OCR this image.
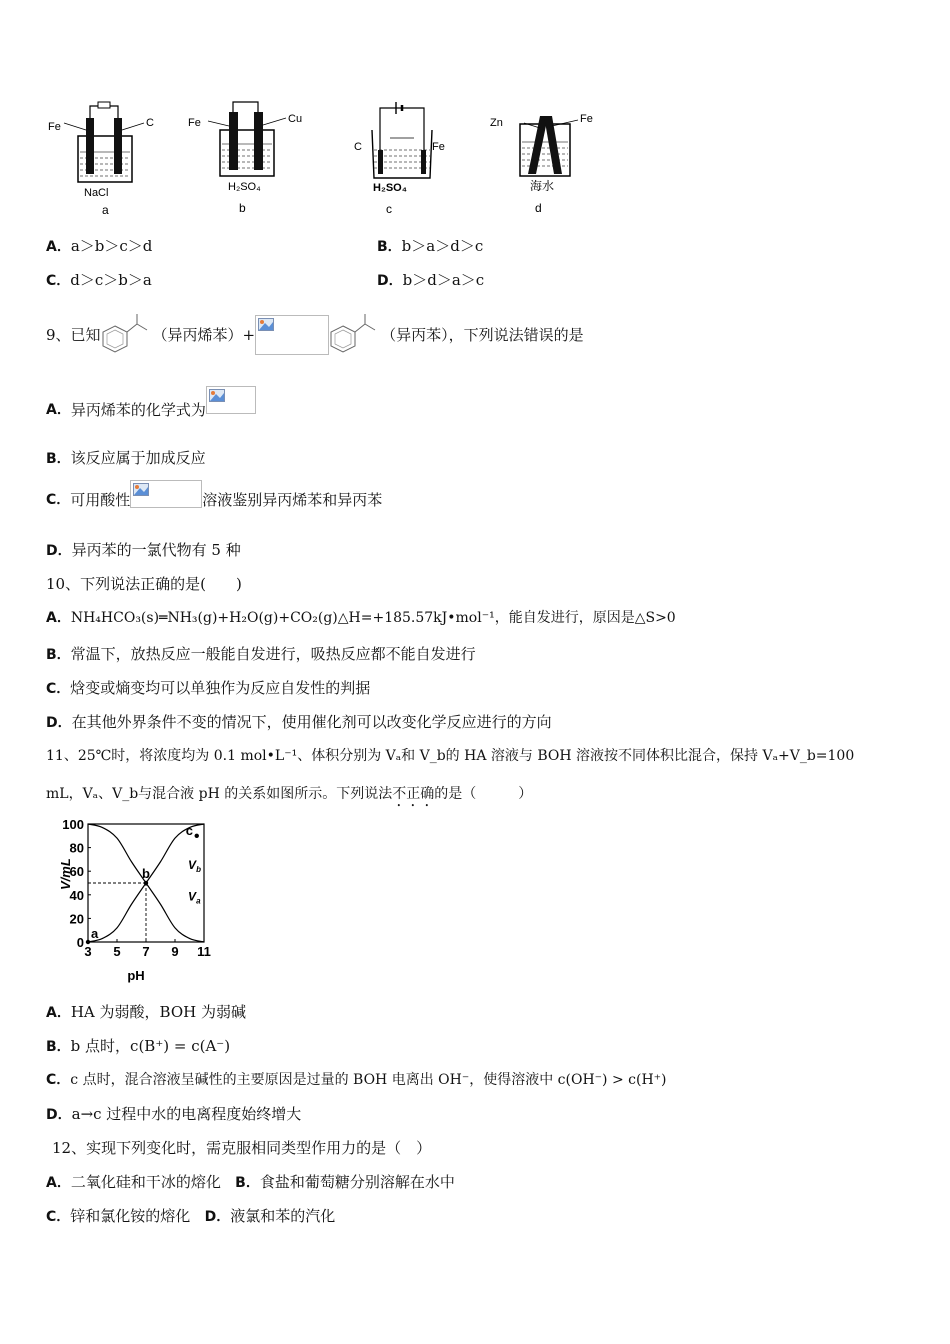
Fe	C
NaCl
a
Fe	Cu
H₂SO₄
b
C	Fe
H₂SO₄
c
Zn	Fe
海水
d
A．a＞b＞c＞d	B．b＞a＞d＞c
C．d＞c＞b＞a	D．b＞d＞a＞c
9、已知	（异丙烯苯）+	（异丙苯），下列说法错误的是
A． 异丙烯苯的化学式为
B．该反应属于加成反应
C． 可用酸性	溶液鉴别异丙烯苯和异丙苯
D．异丙苯的一氯代物有 5 种
10、下列说法正确的是(　　)
A．NH₄HCO₃(s)═NH₃(g)+H₂O(g)+CO₂(g)△H=+185.57kJ•mol⁻¹，能自发进行，原因是△S>0
B．常温下，放热反应一般能自发进行，吸热反应都不能自发进行
C．焓变或熵变均可以单独作为反应自发性的判据
D．在其他外界条件不变的情况下，使用催化剂可以改变化学反应进行的方向
11、25℃时，将浓度均为 0.1 mol•L⁻¹、体积分别为 Vₐ和 V_b的 HA 溶液与 BOH 溶液按不同体积比混合，保持 Vₐ+V_b=100
mL，Vₐ、V_b与混合液 pH 的关系如图所示。下列说法不正确的是（　　　）
3 5 7 9 11
0
20
40
60
80
100
a
b
c
V/mL
pH
$V_b$
$V_a$
A．HA 为弱酸，BOH 为弱碱
B．b 点时，c(B⁺) = c(A⁻)
C．c 点时，混合溶液呈碱性的主要原因是过量的 BOH 电离出 OH⁻，使得溶液中 c(OH⁻) > c(H⁺)
D．a→c 过程中水的电离程度始终增大
12、实现下列变化时，需克服相同类型作用力的是（　）
A．二氧化硅和干冰的熔化 B．食盐和葡萄糖分别溶解在水中
C．锌和氯化铵的熔化 D．液氯和苯的汽化
